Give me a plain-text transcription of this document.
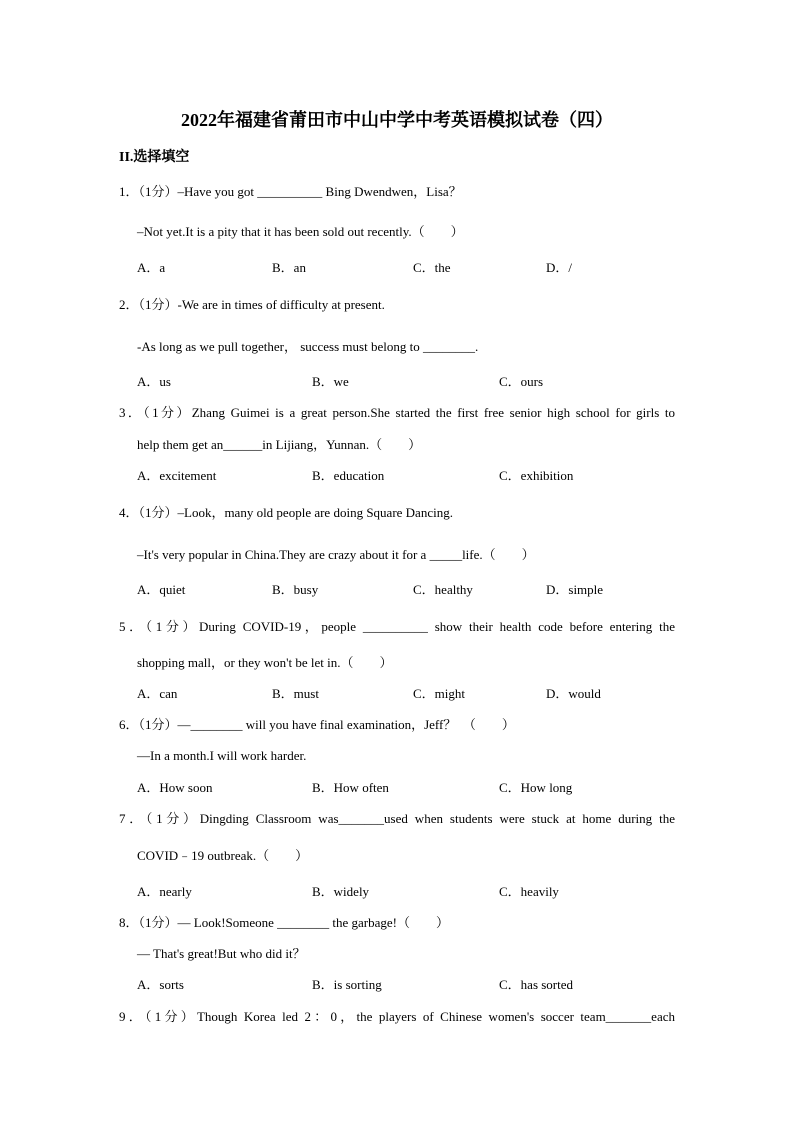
2022年福建省莆田市中山中学中考英语模拟试卷（四）
II.选择填空
1．（1分）–Have you got __________ Bing Dwendwen，Lisa？
–Not yet.It is a pity that it has been sold out recently.（　　）
A．a	B．an	C．the	D．/
2．（1分）-We are in times of difficulty at present.
-As long as we pull together， success must belong to ________.
A．us	B．we	C．ours
3．（1分）Zhang Guimei is a great person.She started the first free senior high school for girls to
help them get an______in Lijiang，Yunnan.（　　）
A．excitement	B．education	C．exhibition
4．（1分）–Look，many old people are doing Square Dancing.
–It's very popular in China.They are crazy about it for a _____life.（　　）
A．quiet	B．busy	C．healthy	D．simple
5．（1分）During COVID-19，people __________ show their health code before entering the
shopping mall，or they won't be let in.（　　）
A．can	B．must	C．might	D．would
6．（1分）—________ will you have final examination，Jeff？　（　　）
—In a month.I will work harder.
A．How soon	B．How often	C．How long
7．（1分）Dingding Classroom was_______used when students were stuck at home during the
COVID﹣19 outbreak.（　　）
A．nearly	B．widely	C．heavily
8．（1分）— Look!Someone ________ the garbage!（　　）
— That's great!But who did it？
A．sorts	B．is sorting	C．has sorted
9．（1分）Though Korea led 2：0，the players of Chinese women's soccer team_______each
